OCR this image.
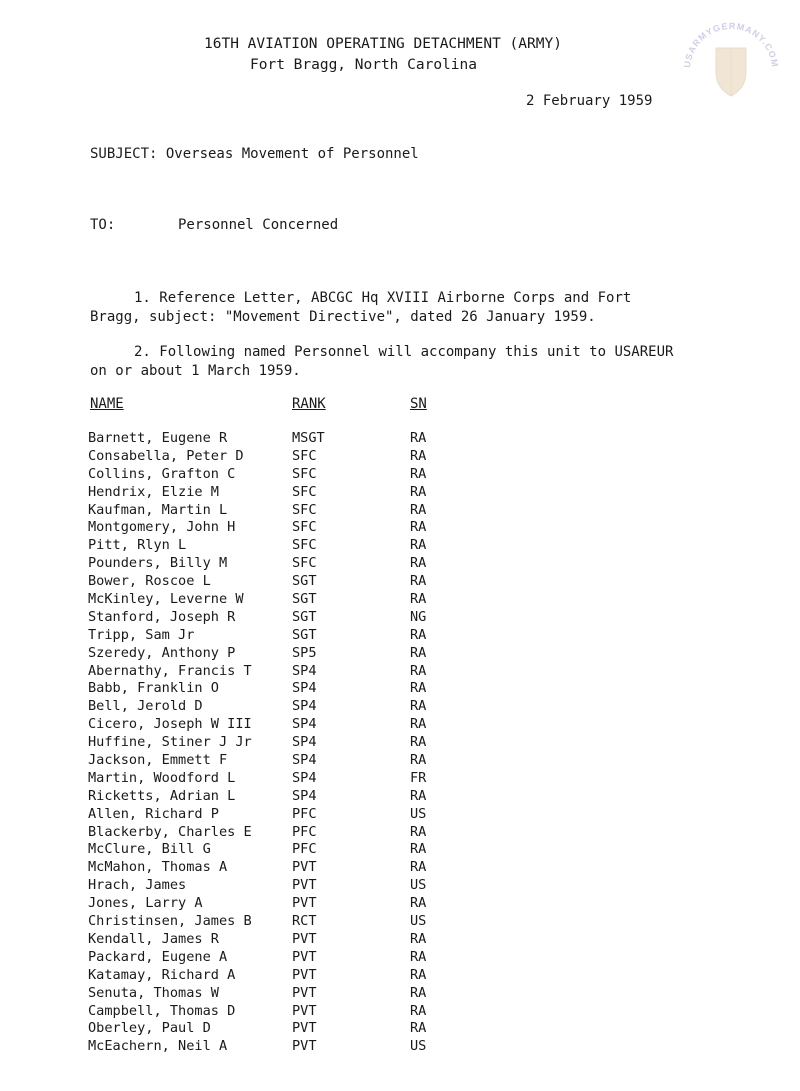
USARMYGERMANY.COM
16TH AVIATION OPERATING DETACHMENT (ARMY)
Fort Bragg, North Carolina
2 February 1959
SUBJECT: Overseas Movement of Personnel
TO:	Personnel Concerned
1. Reference Letter, ABCGC Hq XVIII Airborne Corps and Fort Bragg, subject: "Movement Directive", dated 26 January 1959.
2. Following named Personnel will accompany this unit to USAREUR on or about 1 March 1959.
NAME	RANK	SN
Barnett, Eugene R	MSGT	RA
Consabella, Peter D	SFC	RA
Collins, Grafton C	SFC	RA
Hendrix, Elzie M	SFC	RA
Kaufman, Martin L	SFC	RA
Montgomery, John H	SFC	RA
Pitt, Rlyn L	SFC	RA
Pounders, Billy M	SFC	RA
Bower, Roscoe L	SGT	RA
McKinley, Leverne W	SGT	RA
Stanford, Joseph R	SGT	NG
Tripp, Sam Jr	SGT	RA
Szeredy, Anthony P	SP5	RA
Abernathy, Francis T	SP4	RA
Babb, Franklin O	SP4	RA
Bell, Jerold D	SP4	RA
Cicero, Joseph W III	SP4	RA
Huffine, Stiner J Jr	SP4	RA
Jackson, Emmett F	SP4	RA
Martin, Woodford L	SP4	FR
Ricketts, Adrian L	SP4	RA
Allen, Richard P	PFC	US
Blackerby, Charles E	PFC	RA
McClure, Bill G	PFC	RA
McMahon, Thomas A	PVT	RA
Hrach, James	PVT	US
Jones, Larry A	PVT	RA
Christinsen, James B	RCT	US
Kendall, James R	PVT	RA
Packard, Eugene A	PVT	RA
Katamay, Richard A	PVT	RA
Senuta, Thomas W	PVT	RA
Campbell, Thomas D	PVT	RA
Oberley, Paul D	PVT	RA
McEachern, Neil A	PVT	US
